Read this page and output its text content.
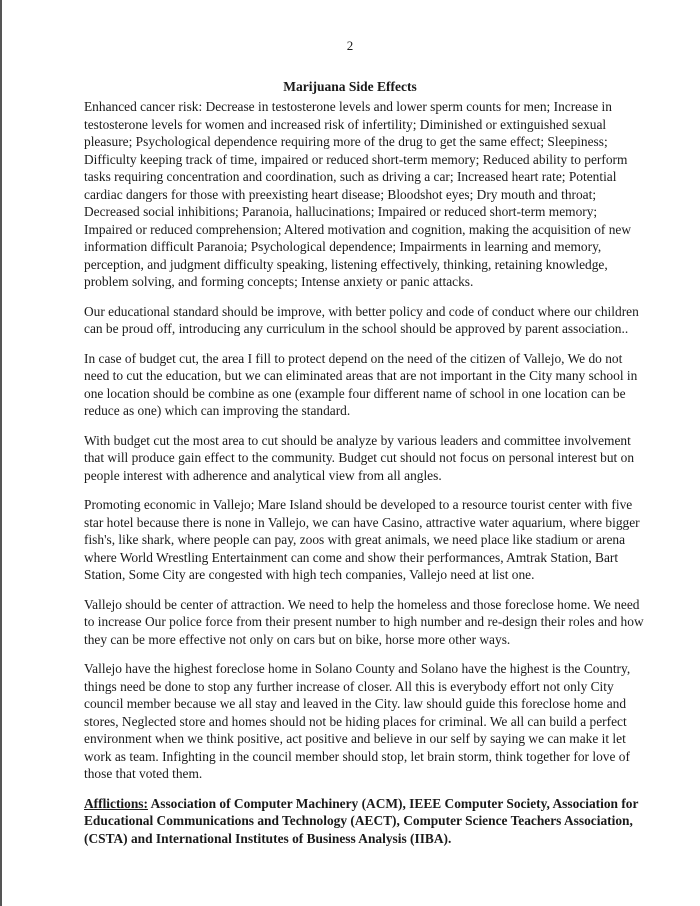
2
Marijuana Side Effects

Enhanced cancer risk: Decrease in testosterone levels and lower sperm counts for men; Increase in testosterone levels for women and increased risk of infertility; Diminished or extinguished sexual pleasure; Psychological dependence requiring more of the drug to get the same effect; Sleepiness; Difficulty keeping track of time, impaired or reduced short-term memory; Reduced ability to perform tasks requiring concentration and coordination, such as driving a car; Increased heart rate; Potential cardiac dangers for those with preexisting heart disease; Bloodshot eyes; Dry mouth and throat; Decreased social inhibitions; Paranoia, hallucinations; Impaired or reduced short-term memory; Impaired or reduced comprehension; Altered motivation and cognition, making the acquisition of new information difficult Paranoia; Psychological dependence; Impairments in learning and memory, perception, and judgment difficulty speaking, listening effectively, thinking, retaining knowledge, problem solving, and forming concepts; Intense anxiety or panic attacks.

Our educational standard should be improve, with better policy and code of conduct where our children can be proud off, introducing any curriculum in the school should be approved by parent association..

In case of budget cut, the area I fill to protect depend on the need of the citizen of Vallejo, We do not need to cut the education, but we can eliminated areas that are not important in the City many school in one location should be combine as one (example four different name of school in one location can be reduce as one) which can improving the standard.

With budget cut the most area to cut should be analyze by various leaders and committee involvement that will produce gain effect to the community. Budget cut should not focus on personal interest but on people interest with adherence and analytical view from all angles.

Promoting economic in Vallejo; Mare Island should be developed to a resource tourist center with five star hotel because there is none in Vallejo, we can have Casino, attractive water aquarium, where bigger fish's, like shark, where people can pay, zoos with great animals, we need place like stadium or arena where World Wrestling Entertainment can come and show their performances, Amtrak Station, Bart Station, Some City are congested with high tech companies, Vallejo need at list one.

Vallejo should be center of attraction. We need to help the homeless and those foreclose home. We need to increase Our police force from their present number to high number and re-design their roles and how they can be more effective not only on cars but on bike, horse more other ways.

Vallejo have the highest foreclose home in Solano County and Solano have the highest is the Country, things need be done to stop any further increase of closer. All this is everybody effort not only City council member because we all stay and leaved in the City. law should guide this foreclose home and stores, Neglected store and homes should not be hiding places for criminal. We all can build a perfect environment when we think positive, act positive and believe in our self by saying we can make it let work as team. Infighting in the council member should stop, let brain storm, think together for love of those that voted them.

Afflictions: Association of Computer Machinery (ACM), IEEE Computer Society, Association for Educational Communications and Technology (AECT), Computer Science Teachers Association,(CSTA) and International Institutes of Business Analysis (IIBA).
